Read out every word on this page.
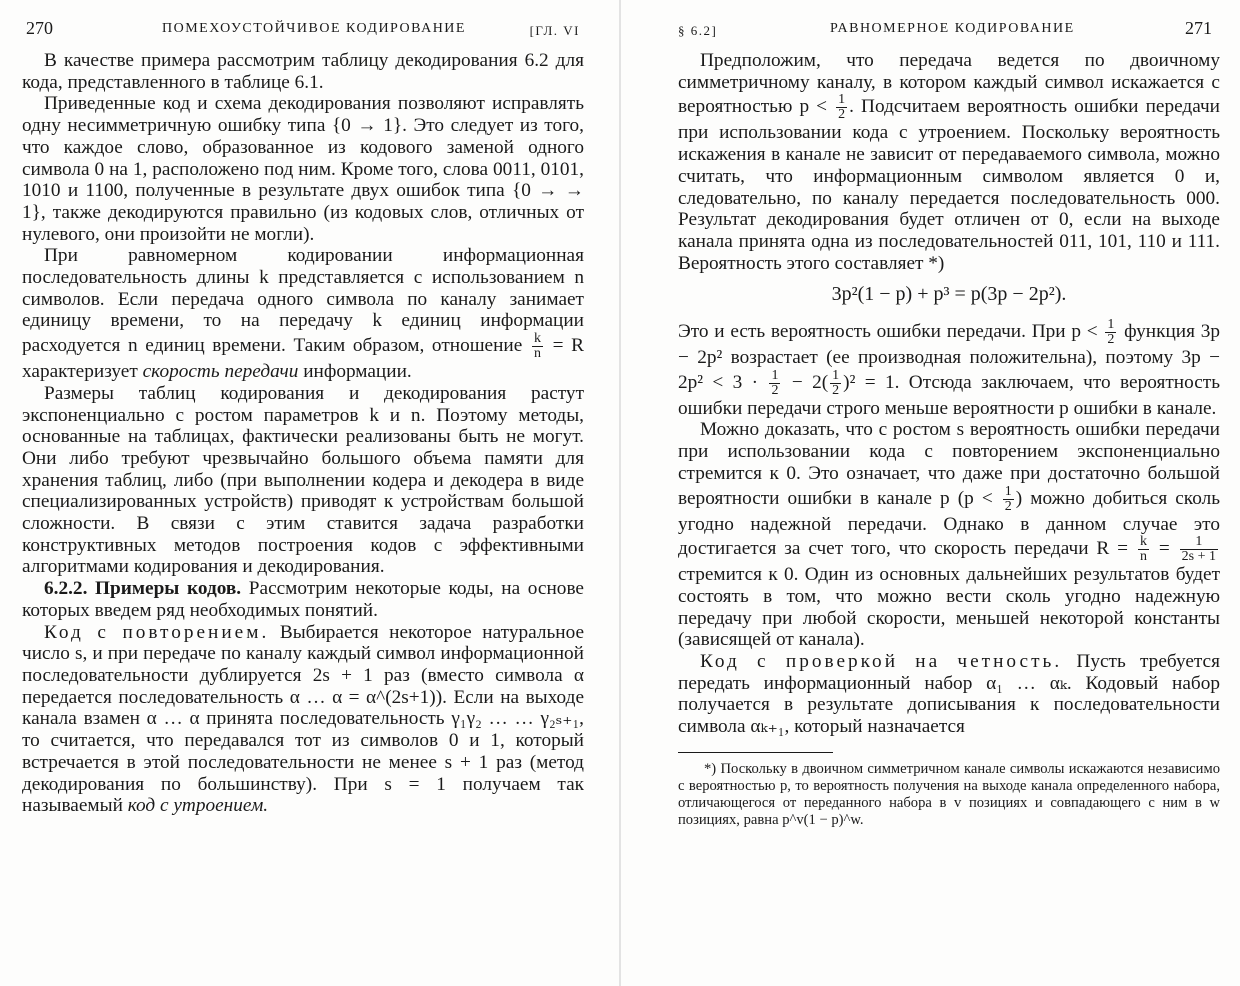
270	ПОМЕХОУСТОЙЧИВОЕ КОДИРОВАНИЕ	[ГЛ. VI

В качестве примера рассмотрим таблицу декодирования 6.2 для кода, представленного в таблице 6.1.

Приведенные код и схема декодирования позволяют исправлять одну несимметричную ошибку типа {0 → 1}. Это следует из того, что каждое слово, образованное из кодового заменой одного символа 0 на 1, расположено под ним. Кроме того, слова 0011, 0101, 1010 и 1100, полученные в результате двух ошибок типа {0 → → 1}, также декодируются правильно (из кодовых слов, отличных от нулевого, они произойти не могли).

При равномерном кодировании информационная последовательность длины k представляется с использованием n символов. Если передача одного символа по каналу занимает единицу времени, то на передачу k единиц информации расходуется n единиц времени. Таким образом, отношение $\frac{k}{n} = R$ характеризует скорость передачи информации.

Размеры таблиц кодирования и декодирования растут экспоненциально с ростом параметров k и n. Поэтому методы, основанные на таблицах, фактически реализованы быть не могут. Они либо требуют чрезвычайно большого объема памяти для хранения таблиц, либо (при выполнении кодера и декодера в виде специализированных устройств) приводят к устройствам большой сложности. В связи с этим ставится задача разработки конструктивных методов построения кодов с эффективными алгоритмами кодирования и декодирования.

6.2.2. Примеры кодов. Рассмотрим некоторые коды, на основе которых введем ряд необходимых понятий.

Код с повторением. Выбирается некоторое натуральное число s, и при передаче по каналу каждый символ информационной последовательности дублируется 2s + 1 раз (вместо символа α передается последовательность α … α = α^(2s+1)). Если на выходе канала взамен α … α принята последовательность γ₁γ₂ … … γ₂ₛ₊₁, то считается, что передавался тот из символов 0 и 1, который встречается в этой последовательности не менее s + 1 раз (метод декодирования по большинству). При s = 1 получаем так называемый код с утроением.

§ 6.2]	РАВНОМЕРНОЕ КОДИРОВАНИЕ	271

Предположим, что передача ведется по двоичному симметричному каналу, в котором каждый символ искажается с вероятностью $p < \frac{1}{2}$ . Подсчитаем вероятность ошибки передачи при использовании кода с утроением. Поскольку вероятность искажения в канале не зависит от передаваемого символа, можно считать, что информационным символом является 0 и, следовательно, по каналу передается последовательность 000. Результат декодирования будет отличен от 0, если на выходе канала принята одна из последовательностей 011, 101, 110 и 111. Вероятность этого составляет *)

3p²(1 − p) + p³ = p(3p − 2p²).

Это и есть вероятность ошибки передачи. При $p < \frac{1}{2}$ функция 3p − 2p² возрастает (ее производная положительна), поэтому $3p - 2p^2 < 3 \cdot \frac{1}{2} - 2( \frac{1}{2} )^2 = 1$. Отсюда заключаем, что вероятность ошибки передачи строго меньше вероятности p ошибки в канале.

Можно доказать, что с ростом s вероятность ошибки передачи при использовании кода с повторением экспоненциально стремится к 0. Это означает, что даже при достаточно большой вероятности ошибки в канале p ($p < \frac{1}{2}$ ) можно добиться сколь угодно надежной передачи. Однако в данном случае это достигается за счет того, что скорость передачи $R = \frac{k}{n} = \frac{1}{2s + 1}$
стремится к 0. Один из основных дальнейших результатов будет состоять в том, что можно вести сколь угодно надежную передачу при любой скорости, меньшей некоторой константы (зависящей от канала).

Код с проверкой на четность. Пусть требуется передать информационный набор α₁ … αₖ. Кодовый набор получается в результате дописывания к последовательности символа αₖ₊₁, который назначается

*) Поскольку в двоичном симметричном канале символы искажаются независимо с вероятностью p, то вероятность получения на выходе канала определенного набора, отличающегося от переданного набора в v позициях и совпадающего с ним в w позициях, равна p^v(1 − p)^w.
